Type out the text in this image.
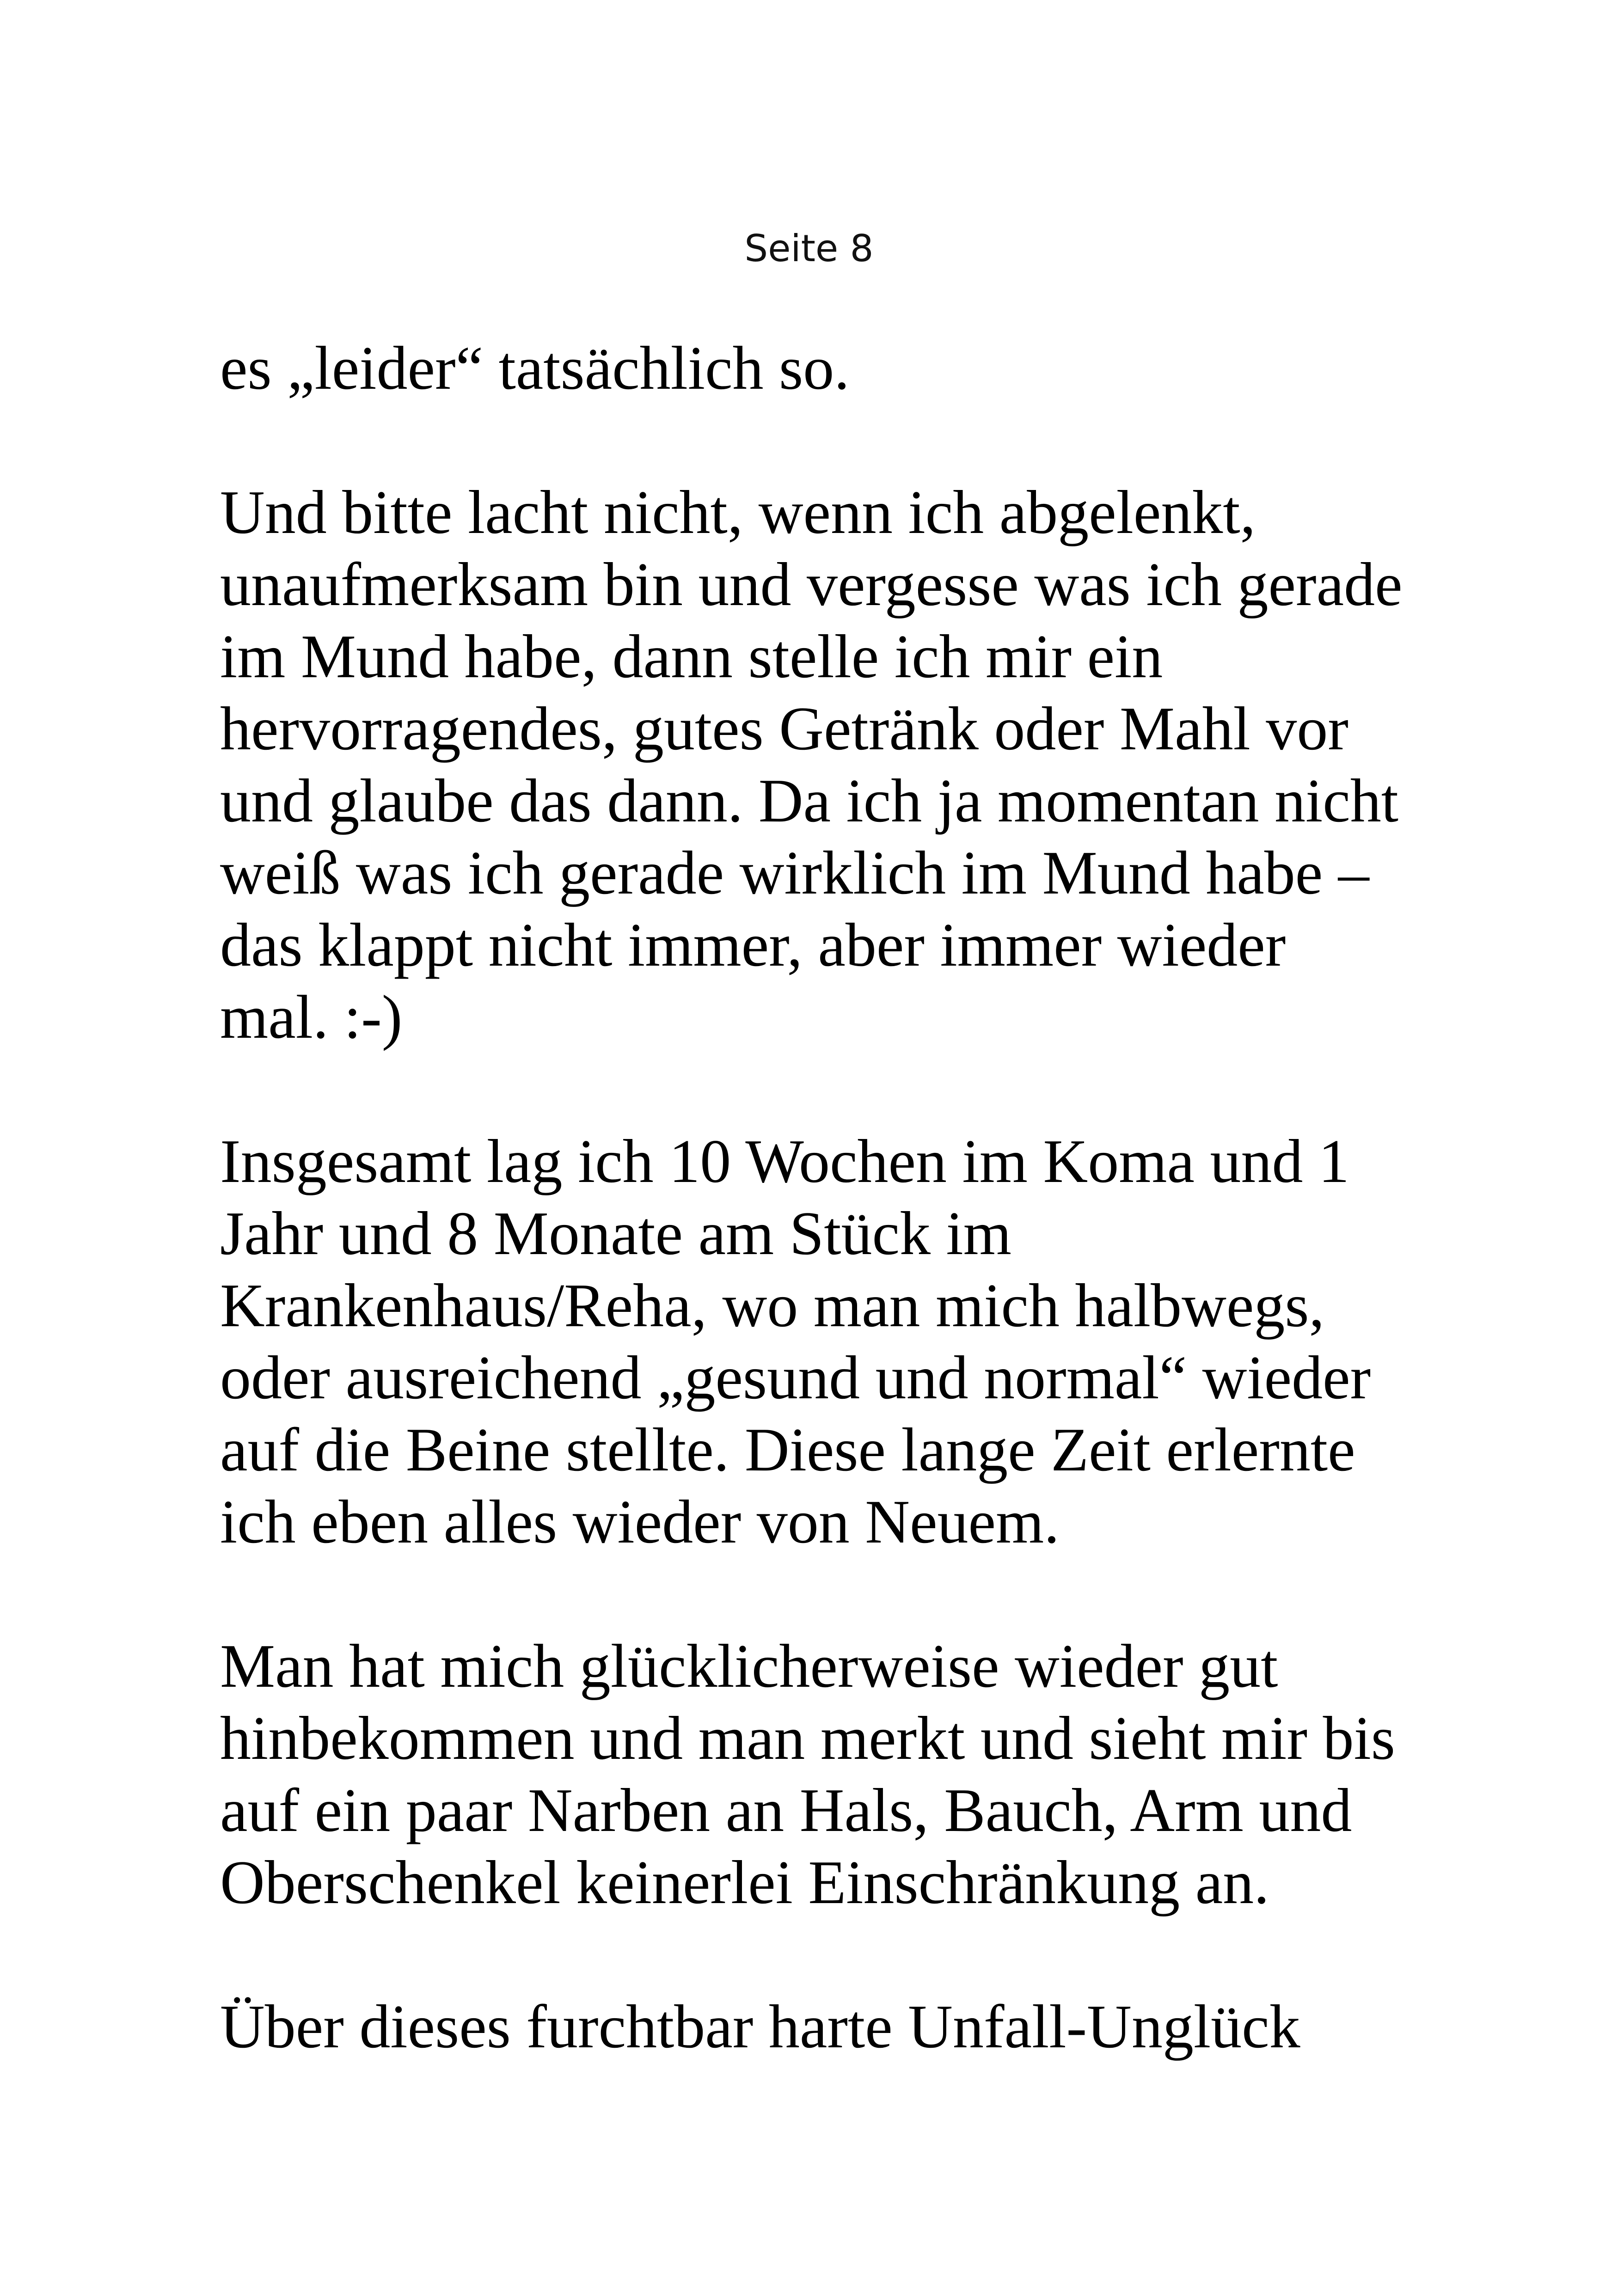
Seite 8
es „leider“ tatsächlich so.
Und bitte lacht nicht, wenn ich abgelenkt,
unaufmerksam bin und vergesse was ich gerade
im Mund habe, dann stelle ich mir ein
hervorragendes, gutes Getränk oder Mahl vor
und glaube das dann. Da ich ja momentan nicht
weiß was ich gerade wirklich im Mund habe –
das klappt nicht immer, aber immer wieder
mal. :-)
Insgesamt lag ich 10 Wochen im Koma und 1
Jahr und 8 Monate am Stück im
Krankenhaus/Reha, wo man mich halbwegs,
oder ausreichend „gesund und normal“ wieder
auf die Beine stellte. Diese lange Zeit erlernte
ich eben alles wieder von Neuem.
Man hat mich glücklicherweise wieder gut
hinbekommen und man merkt und sieht mir bis
auf ein paar Narben an Hals, Bauch, Arm und
Oberschenkel keinerlei Einschränkung an.
Über dieses furchtbar harte Unfall-Unglück
